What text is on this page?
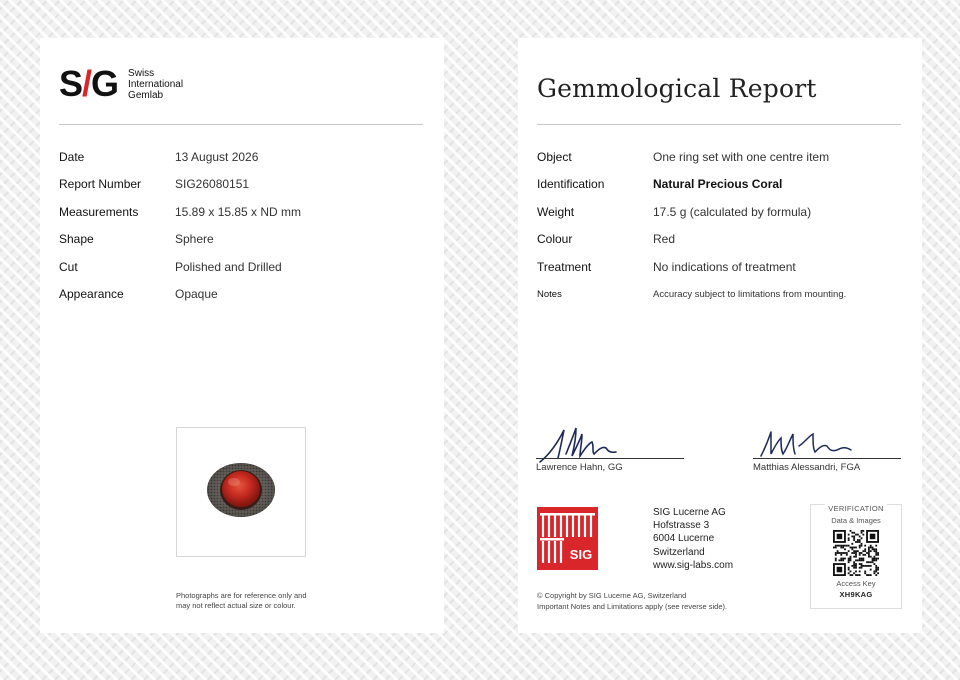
S/G Swiss
International
Gemlab
Date	13 August 2026
Report Number	SIG26080151
Measurements	15.89 x 15.85 x ND mm
Shape	Sphere
Cut	Polished and Drilled
Appearance	Opaque
Photographs are for reference only and
may not reflect actual size or colour.
Gemmological Report
Object	One ring set with one centre item
Identification	Natural Precious Coral
Weight	17.5 g (calculated by formula)
Colour	Red
Treatment	No indications of treatment
Notes	Accuracy subject to limitations from mounting.
Lawrence Hahn, GG	Matthias Alessandri, FGA
SIG
SIG Lucerne AG
Hofstrasse 3
6004 Lucerne
Switzerland
www.sig-labs.com
© Copyright by SIG Lucerne AG, Switzerland
Important Notes and Limitations apply (see reverse side).
VERIFICATION
Data & Images
Access Key
XH9KAG
